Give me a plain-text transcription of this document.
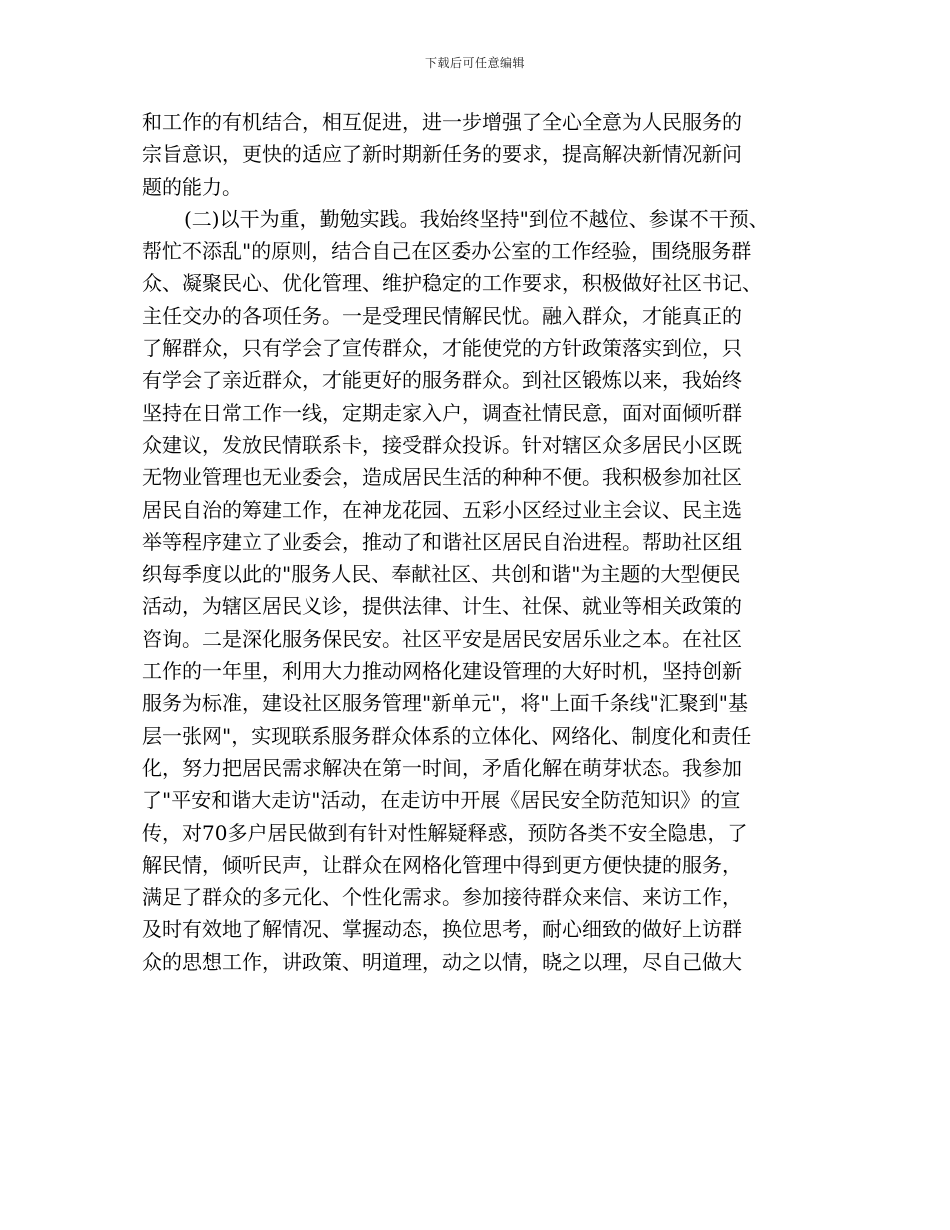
下载后可任意编辑
和工作的有机结合，相互促进，进一步增强了全心全意为人民服务的
宗旨意识，更快的适应了新时期新任务的要求，提高解决新情况新问
题的能力。
(二)以干为重，勤勉实践。我始终坚持"到位不越位、参谋不干预、
帮忙不添乱"的原则，结合自己在区委办公室的工作经验，围绕服务群
众、凝聚民心、优化管理、维护稳定的工作要求，积极做好社区书记、
主任交办的各项任务。一是受理民情解民忧。融入群众，才能真正的
了解群众，只有学会了宣传群众，才能使党的方针政策落实到位，只
有学会了亲近群众，才能更好的服务群众。到社区锻炼以来，我始终
坚持在日常工作一线，定期走家入户，调查社情民意，面对面倾听群
众建议，发放民情联系卡，接受群众投诉。针对辖区众多居民小区既
无物业管理也无业委会，造成居民生活的种种不便。我积极参加社区
居民自治的筹建工作，在神龙花园、五彩小区经过业主会议、民主选
举等程序建立了业委会，推动了和谐社区居民自治进程。帮助社区组
织每季度以此的"服务人民、奉献社区、共创和谐"为主题的大型便民
活动，为辖区居民义诊，提供法律、计生、社保、就业等相关政策的
咨询。二是深化服务保民安。社区平安是居民安居乐业之本。在社区
工作的一年里，利用大力推动网格化建设管理的大好时机，坚持创新
服务为标准，建设社区服务管理"新单元"，将"上面千条线"汇聚到"基
层一张网"，实现联系服务群众体系的立体化、网络化、制度化和责任
化，努力把居民需求解决在第一时间，矛盾化解在萌芽状态。我参加
了"平安和谐大走访"活动，在走访中开展《居民安全防范知识》的宣
传，对70多户居民做到有针对性解疑释惑，预防各类不安全隐患，了
解民情，倾听民声，让群众在网格化管理中得到更方便快捷的服务，
满足了群众的多元化、个性化需求。参加接待群众来信、来访工作，
及时有效地了解情况、掌握动态，换位思考，耐心细致的做好上访群
众的思想工作，讲政策、明道理，动之以情，晓之以理，尽自己做大
